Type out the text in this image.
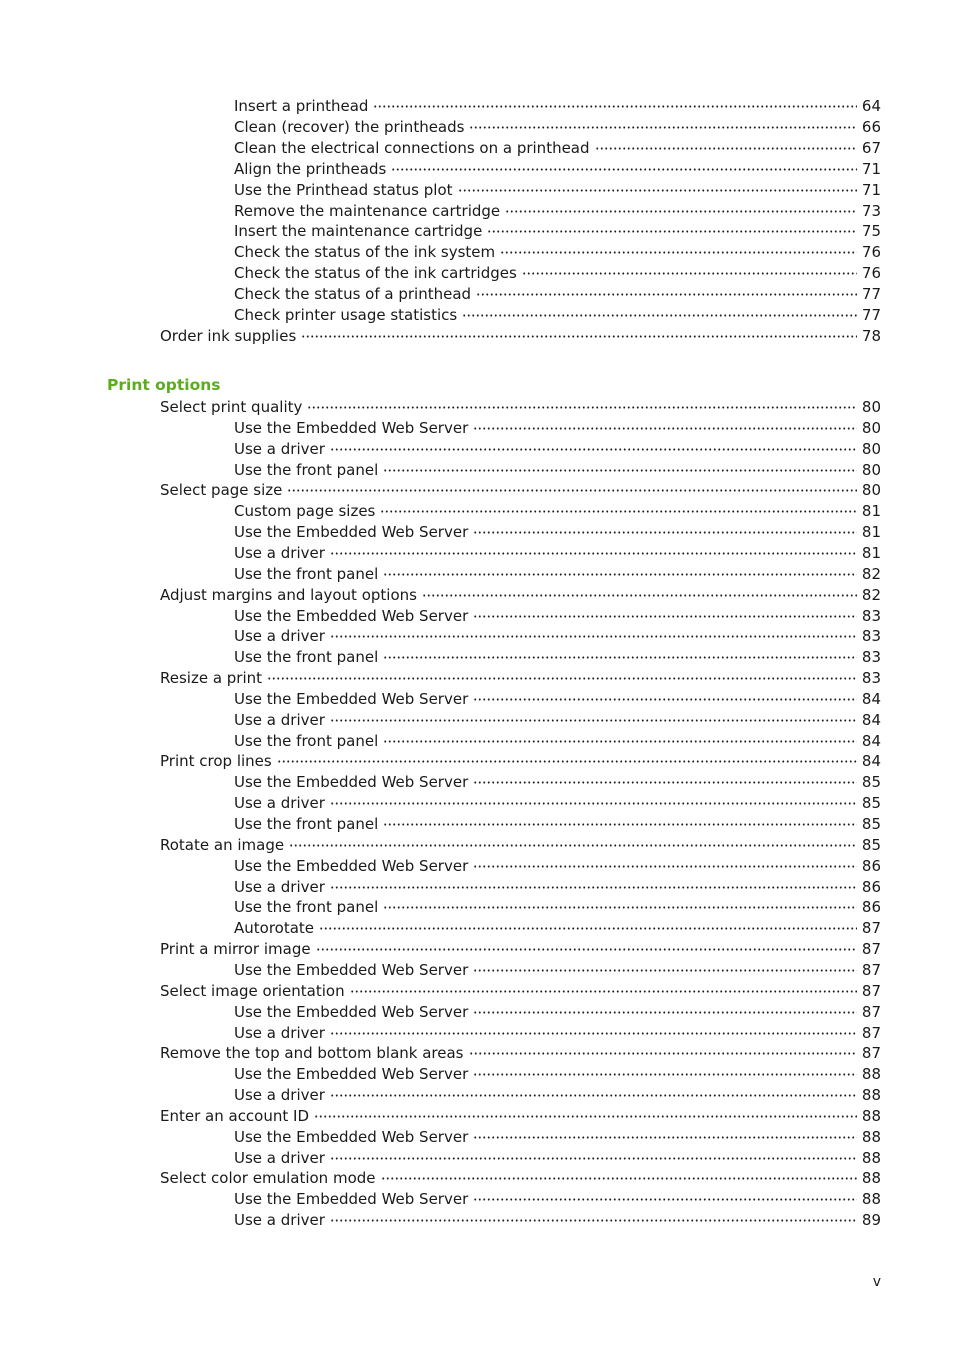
Insert a printhead	64
Clean (recover) the printheads	66
Clean the electrical connections on a printhead	67
Align the printheads	71
Use the Printhead status plot	71
Remove the maintenance cartridge	73
Insert the maintenance cartridge	75
Check the status of the ink system	76
Check the status of the ink cartridges	76
Check the status of a printhead	77
Check printer usage statistics	77
Order ink supplies	78
Print options
Select print quality	80
Use the Embedded Web Server	80
Use a driver	80
Use the front panel	80
Select page size	80
Custom page sizes	81
Use the Embedded Web Server	81
Use a driver	81
Use the front panel	82
Adjust margins and layout options	82
Use the Embedded Web Server	83
Use a driver	83
Use the front panel	83
Resize a print	83
Use the Embedded Web Server	84
Use a driver	84
Use the front panel	84
Print crop lines	84
Use the Embedded Web Server	85
Use a driver	85
Use the front panel	85
Rotate an image	85
Use the Embedded Web Server	86
Use a driver	86
Use the front panel	86
Autorotate	87
Print a mirror image	87
Use the Embedded Web Server	87
Select image orientation	87
Use the Embedded Web Server	87
Use a driver	87
Remove the top and bottom blank areas	87
Use the Embedded Web Server	88
Use a driver	88
Enter an account ID	88
Use the Embedded Web Server	88
Use a driver	88
Select color emulation mode	88
Use the Embedded Web Server	88
Use a driver	89
v
